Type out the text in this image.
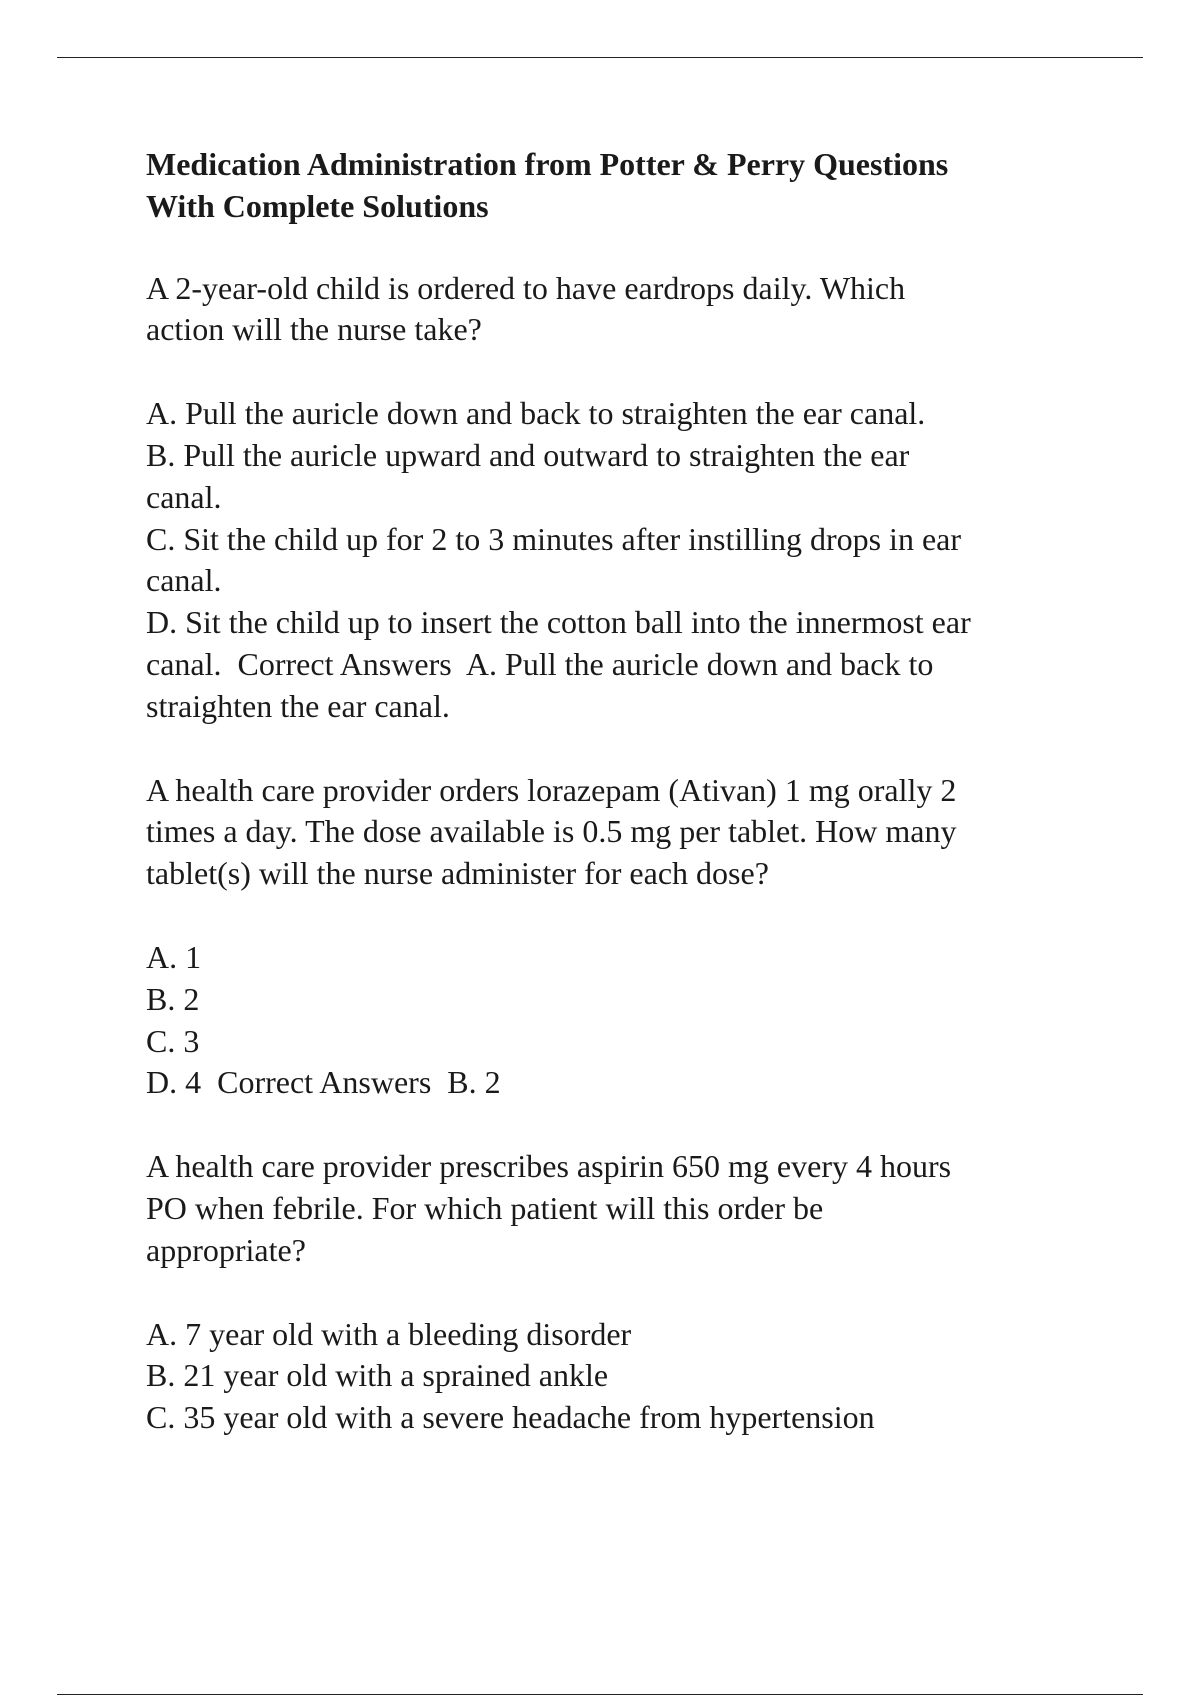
Medication Administration from Potter & Perry Questions
With Complete Solutions
A 2-year-old child is ordered to have eardrops daily. Which
action will the nurse take?
A. Pull the auricle down and back to straighten the ear canal.
B. Pull the auricle upward and outward to straighten the ear
canal.
C. Sit the child up for 2 to 3 minutes after instilling drops in ear
canal.
D. Sit the child up to insert the cotton ball into the innermost ear
canal.  Correct Answers  A. Pull the auricle down and back to
straighten the ear canal.
A health care provider orders lorazepam (Ativan) 1 mg orally 2
times a day. The dose available is 0.5 mg per tablet. How many
tablet(s) will the nurse administer for each dose?
A. 1
B. 2
C. 3
D. 4  Correct Answers  B. 2
A health care provider prescribes aspirin 650 mg every 4 hours
PO when febrile. For which patient will this order be
appropriate?
A. 7 year old with a bleeding disorder
B. 21 year old with a sprained ankle
C. 35 year old with a severe headache from hypertension
